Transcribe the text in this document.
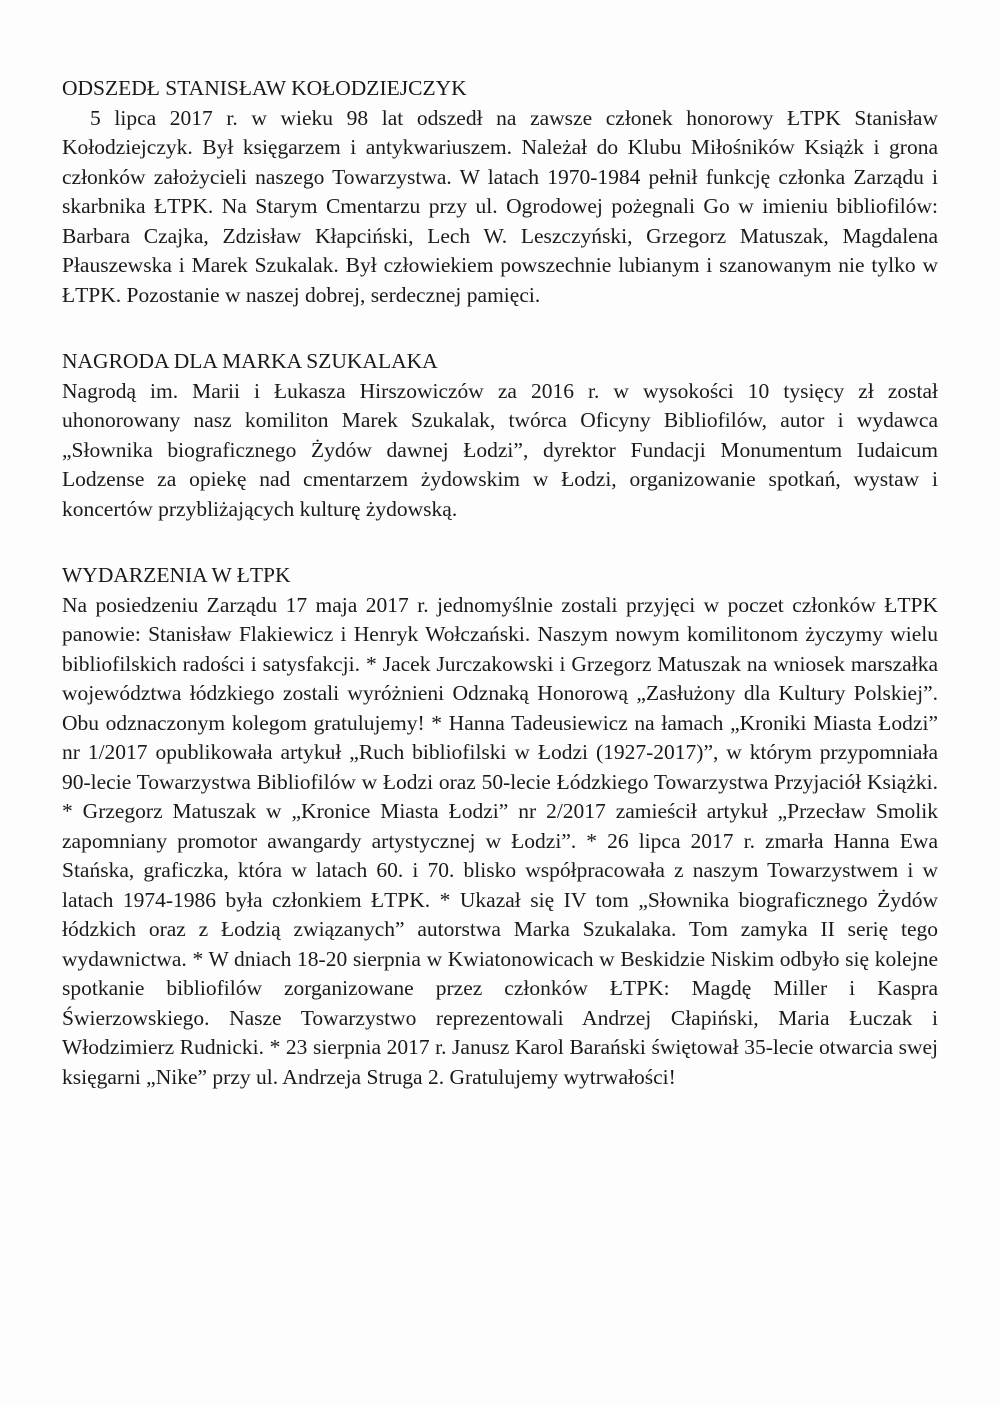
ODSZEDŁ STANISŁAW KOŁODZIEJCZYK

5 lipca 2017 r. w wieku 98 lat odszedł na zawsze członek honorowy ŁTPK Stanisław Kołodziejczyk. Był księgarzem i antykwariuszem. Należał do Klubu Miłośników Książk i grona członków założycieli naszego Towarzystwa. W latach 1970-1984 pełnił funkcję członka Zarządu i skarbnika ŁTPK. Na Starym Cmentarzu przy ul. Ogrodowej pożegnali Go w imieniu bibliofilów: Barbara Czajka, Zdzisław Kłapciński, Lech W. Leszczyński, Grzegorz Matuszak, Magdalena Płauszewska i Marek Szukalak. Był człowiekiem powszechnie lubianym i szanowanym nie tylko w ŁTPK. Pozostanie w naszej dobrej, serdecznej pamięci.

NAGRODA DLA MARKA SZUKALAKA

Nagrodą im. Marii i Łukasza Hirszowiczów za 2016 r. w wysokości 10 tysięcy zł został uhonorowany nasz komiliton Marek Szukalak, twórca Oficyny Bibliofilów, autor i wydawca „Słownika biograficznego Żydów dawnej Łodzi”, dyrektor Fundacji Monumentum Iudaicum Lodzense za opiekę nad cmentarzem żydowskim w Łodzi, organizowanie spotkań, wystaw i koncertów przybliżających kulturę żydowską.

WYDARZENIA W ŁTPK

Na posiedzeniu Zarządu 17 maja 2017 r. jednomyślnie zostali przyjęci w poczet członków ŁTPK panowie: Stanisław Flakiewicz i Henryk Wołczański. Naszym nowym komilitonom życzymy wielu bibliofilskich radości i satysfakcji. * Jacek Jurczakowski i Grzegorz Matuszak na wniosek marszałka województwa łódzkiego zostali wyróżnieni Odznaką Honorową „Zasłużony dla Kultury Polskiej”. Obu odznaczonym kolegom gratulujemy! * Hanna Tadeusiewicz na łamach „Kroniki Miasta Łodzi” nr 1/2017 opublikowała artykuł „Ruch bibliofilski w Łodzi (1927-2017)”, w którym przypomniała 90-lecie Towarzystwa Bibliofilów w Łodzi oraz 50-lecie Łódzkiego Towarzystwa Przyjaciół Książki. * Grzegorz Matuszak w „Kronice Miasta Łodzi” nr 2/2017 zamieścił artykuł „Przecław Smolik zapomniany promotor awangardy artystycznej w Łodzi”. * 26 lipca 2017 r. zmarła Hanna Ewa Stańska, graficzka, która w latach 60. i 70. blisko współpracowała z naszym Towarzystwem i w latach 1974-1986 była członkiem ŁTPK. * Ukazał się IV tom „Słownika biograficznego Żydów łódzkich oraz z Łodzią związanych” autorstwa Marka Szukalaka. Tom zamyka II serię tego wydawnictwa. * W dniach 18-20 sierpnia w Kwiatonowicach w Beskidzie Niskim odbyło się kolejne spotkanie bibliofilów zorganizowane przez członków ŁTPK: Magdę Miller i Kaspra Świerzowskiego. Nasze Towarzystwo reprezentowali Andrzej Cłapiński, Maria Łuczak i Włodzimierz Rudnicki. * 23 sierpnia 2017 r. Janusz Karol Barański świętował 35-lecie otwarcia swej księgarni „Nike” przy ul. Andrzeja Struga 2. Gratulujemy wytrwałości!
